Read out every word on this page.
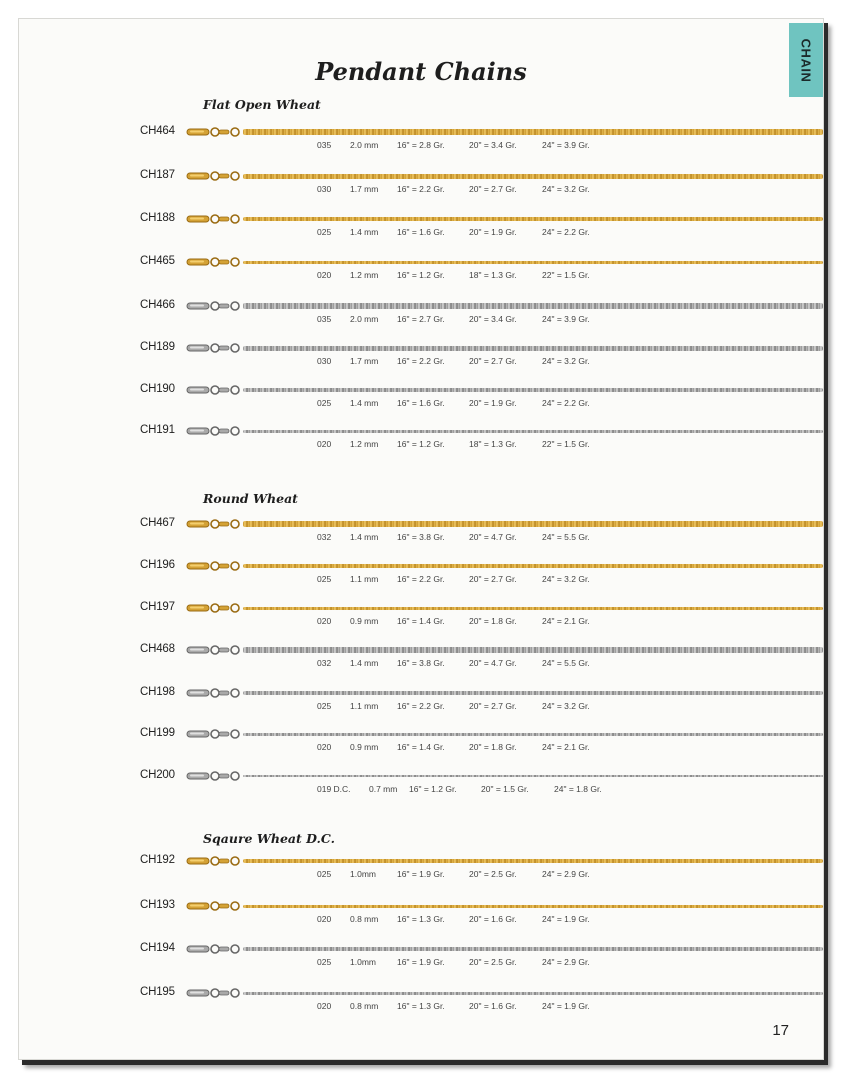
CHAIN
Pendant Chains
Flat Open Wheat
CH464
035 2.0 mm 16" = 2.8 Gr.	20" = 3.4 Gr.	24" = 3.9 Gr.
CH187
030 1.7 mm 16" = 2.2 Gr.	20" = 2.7 Gr.	24" = 3.2 Gr.
CH188
025 1.4 mm 16" = 1.6 Gr.	20" = 1.9 Gr.	24" = 2.2 Gr.
CH465
020 1.2 mm 16" = 1.2 Gr.	18" = 1.3 Gr.	22" = 1.5 Gr.
CH466
035 2.0 mm 16" = 2.7 Gr.	20" = 3.4 Gr.	24" = 3.9 Gr.
CH189
030 1.7 mm 16" = 2.2 Gr.	20" = 2.7 Gr.	24" = 3.2 Gr.
CH190
025 1.4 mm 16" = 1.6 Gr.	20" = 1.9 Gr.	24" = 2.2 Gr.
CH191
020 1.2 mm 16" = 1.2 Gr.	18" = 1.3 Gr.	22" = 1.5 Gr.
Round Wheat
CH467
032 1.4 mm 16" = 3.8 Gr.	20" = 4.7 Gr.	24" = 5.5 Gr.
CH196
025 1.1 mm 16" = 2.2 Gr.	20" = 2.7 Gr.	24" = 3.2 Gr.
CH197
020 0.9 mm 16" = 1.4 Gr.	20" = 1.8 Gr.	24" = 2.1 Gr.
CH468
032 1.4 mm 16" = 3.8 Gr.	20" = 4.7 Gr.	24" = 5.5 Gr.
CH198
025 1.1 mm 16" = 2.2 Gr.	20" = 2.7 Gr.	24" = 3.2 Gr.
CH199
020 0.9 mm 16" = 1.4 Gr.	20" = 1.8 Gr.	24" = 2.1 Gr.
CH200
019 D.C. 0.7 mm 16" = 1.2 Gr.	20" = 1.5 Gr.	24" = 1.8 Gr.
Sqaure Wheat D.C.
CH192
025 1.0mm 16" = 1.9 Gr.	20" = 2.5 Gr.	24" = 2.9 Gr.
CH193
020 0.8 mm 16" = 1.3 Gr.	20" = 1.6 Gr.	24" = 1.9 Gr.
CH194
025 1.0mm 16" = 1.9 Gr.	20" = 2.5 Gr.	24" = 2.9 Gr.
CH195
020 0.8 mm 16" = 1.3 Gr.	20" = 1.6 Gr.	24" = 1.9 Gr.
17
